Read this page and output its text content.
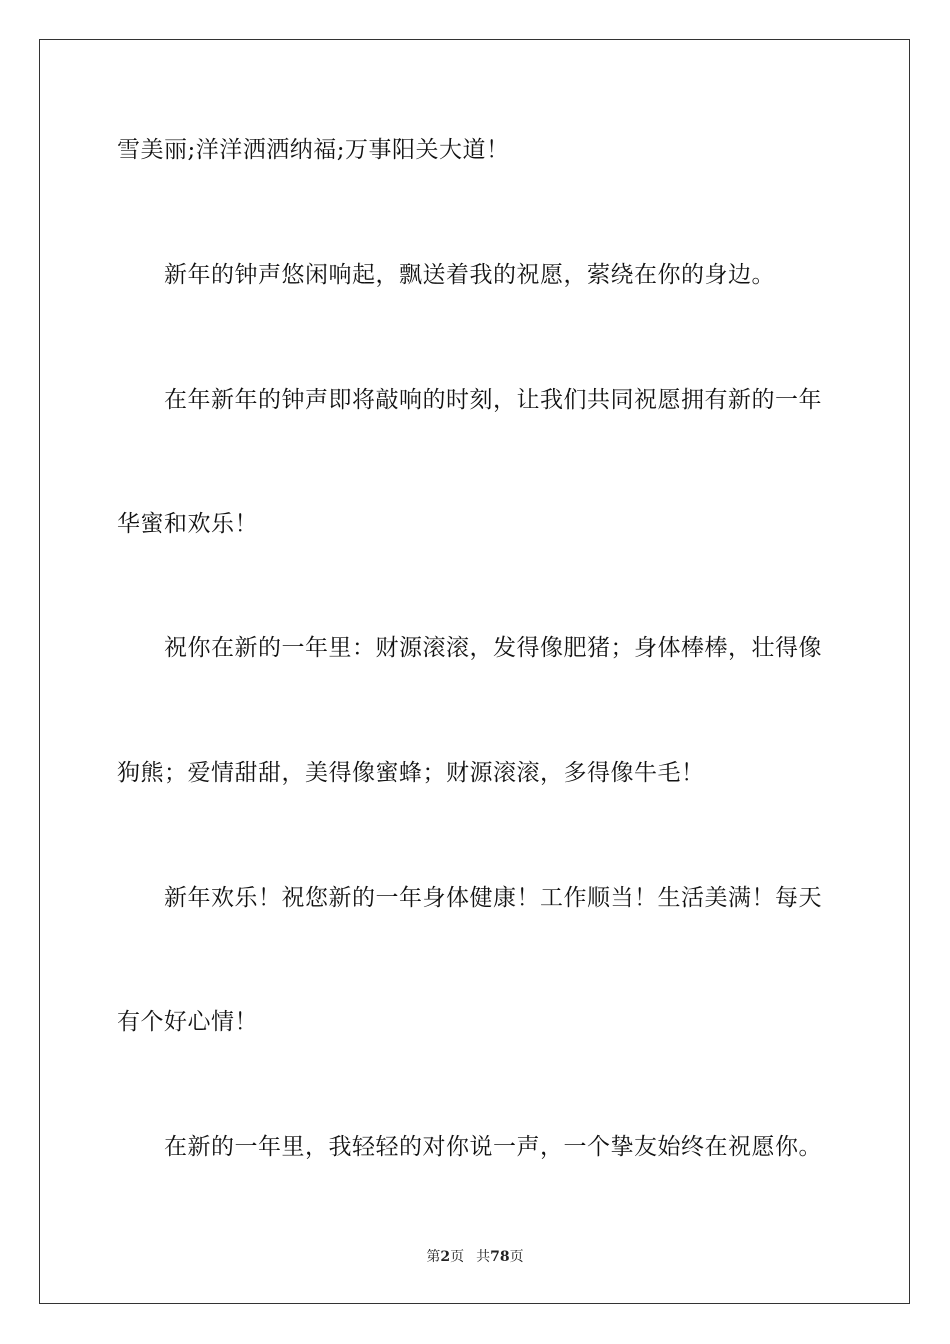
雪美丽;洋洋洒洒纳福;万事阳关大道！
新年的钟声悠闲响起，飘送着我的祝愿，萦绕在你的身边。
在年新年的钟声即将敲响的时刻，让我们共同祝愿拥有新的一年
华蜜和欢乐！
祝你在新的一年里：财源滚滚，发得像肥猪；身体棒棒，壮得像
狗熊；爱情甜甜，美得像蜜蜂；财源滚滚，多得像牛毛！
新年欢乐！祝您新的一年身体健康！工作顺当！生活美满！每天
有个好心情！
在新的一年里，我轻轻的对你说一声，一个挚友始终在祝愿你。
第2页 共78页
